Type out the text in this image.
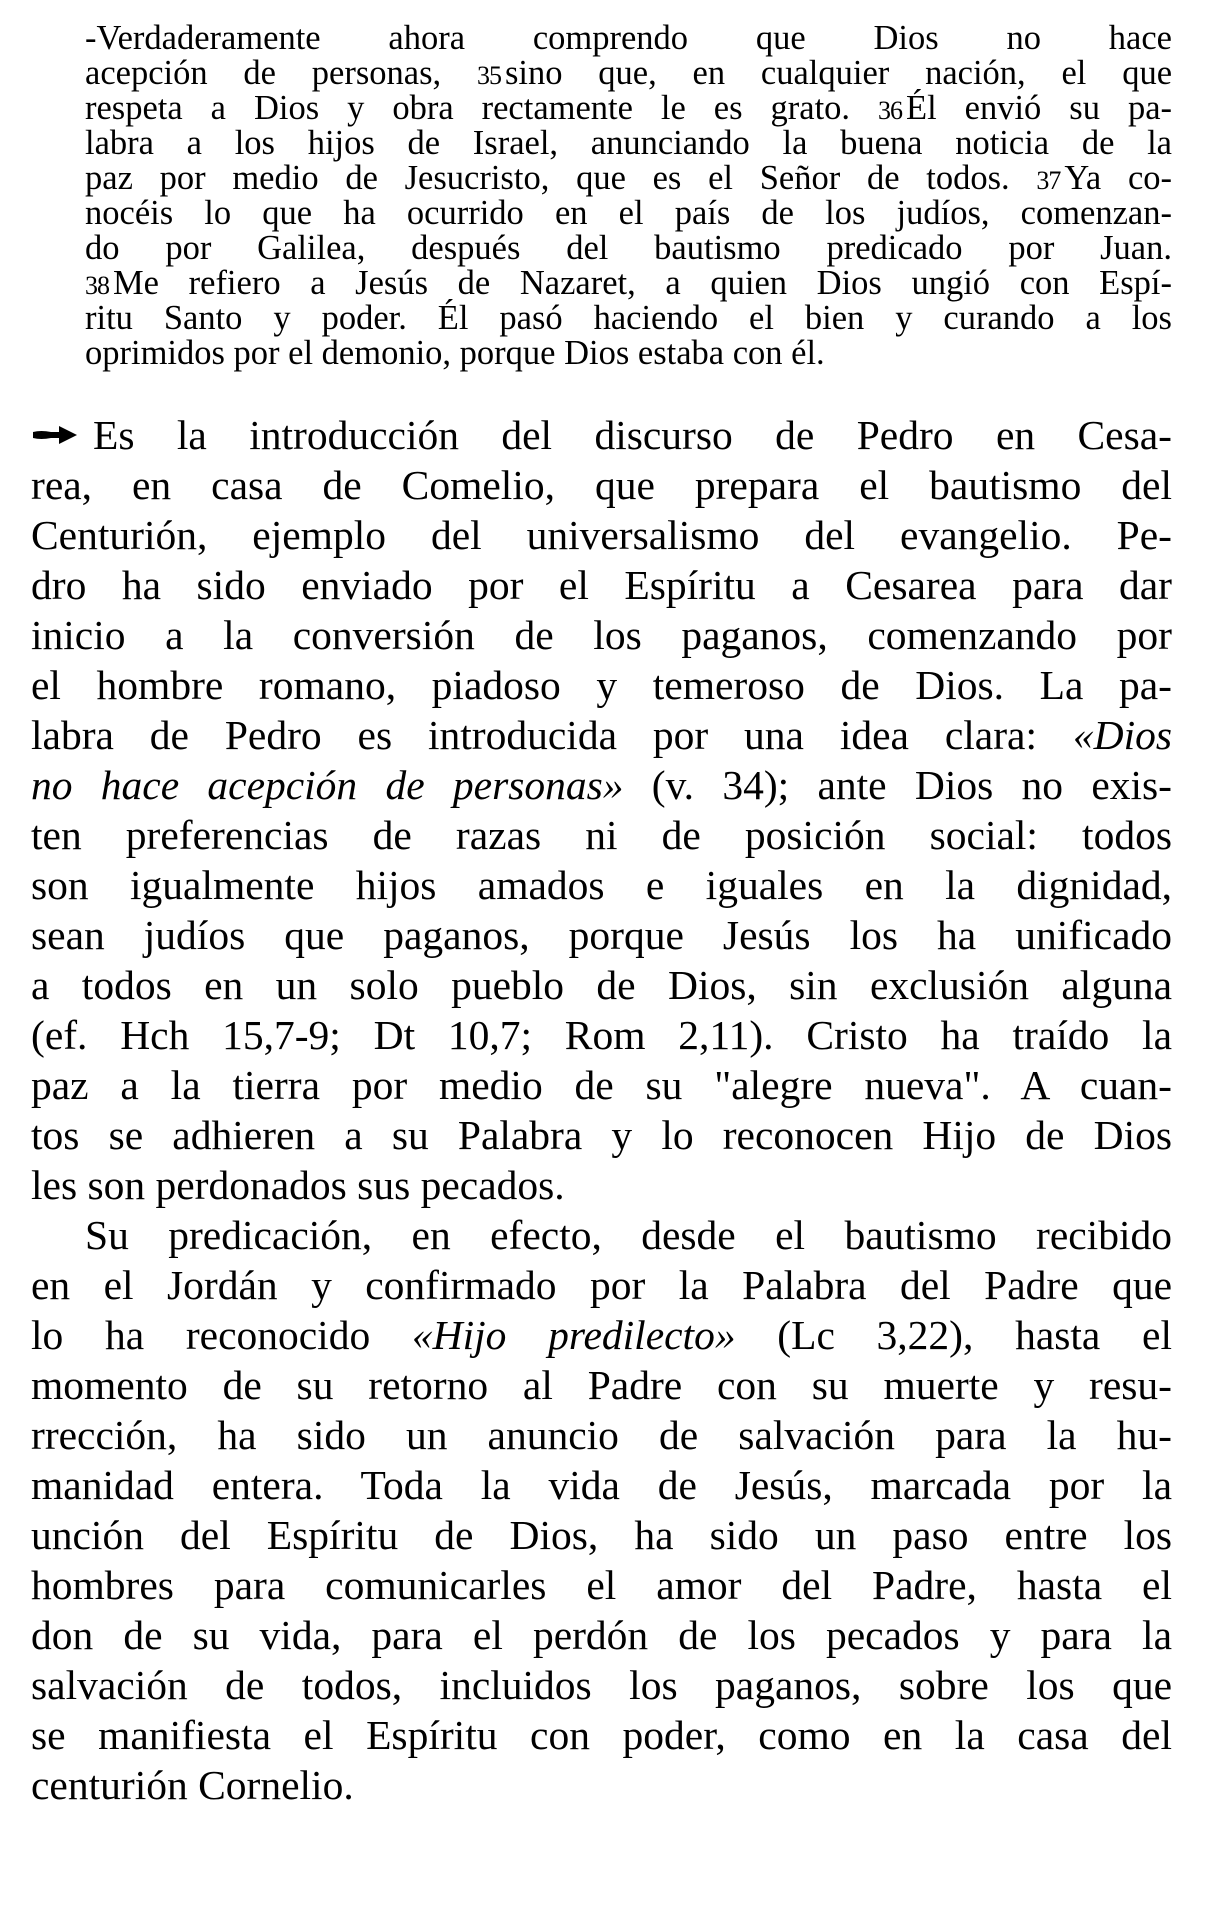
-Verdaderamente ahora comprendo que Dios no hace
acepción de personas, 35 sino que, en cualquier nación, el que
respeta a Dios y obra rectamente le es grato. 36 Él envió su pa-
labra a los hijos de Israel, anunciando la buena noticia de la
paz por medio de Jesucristo, que es el Señor de todos. 37 Ya co-
nocéis lo que ha ocurrido en el país de los judíos, comenzan-
do por Galilea, después del bautismo predicado por Juan.
38 Me refiero a Jesús de Nazaret, a quien Dios ungió con Espí-
ritu Santo y poder. Él pasó haciendo el bien y curando a los
oprimidos por el demonio, porque Dios estaba con él.
Es la introducción del discurso de Pedro en Cesa-
rea, en casa de Comelio, que prepara el bautismo del
Centurión, ejemplo del universalismo del evangelio. Pe-
dro ha sido enviado por el Espíritu a Cesarea para dar
inicio a la conversión de los paganos, comenzando por
el hombre romano, piadoso y temeroso de Dios. La pa-
labra de Pedro es introducida por una idea clara: «Dios
no hace acepción de personas» (v. 34); ante Dios no exis-
ten preferencias de razas ni de posición social: todos
son igualmente hijos amados e iguales en la dignidad,
sean judíos que paganos, porque Jesús los ha unificado
a todos en un solo pueblo de Dios, sin exclusión alguna
(ef. Hch 15,7-9; Dt 10,7; Rom 2,11). Cristo ha traído la
paz a la tierra por medio de su "alegre nueva". A cuan-
tos se adhieren a su Palabra y lo reconocen Hijo de Dios
les son perdonados sus pecados.
Su predicación, en efecto, desde el bautismo recibido
en el Jordán y confirmado por la Palabra del Padre que
lo ha reconocido «Hijo predilecto» (Lc 3,22), hasta el
momento de su retorno al Padre con su muerte y resu-
rrección, ha sido un anuncio de salvación para la hu-
manidad entera. Toda la vida de Jesús, marcada por la
unción del Espíritu de Dios, ha sido un paso entre los
hombres para comunicarles el amor del Padre, hasta el
don de su vida, para el perdón de los pecados y para la
salvación de todos, incluidos los paganos, sobre los que
se manifiesta el Espíritu con poder, como en la casa del
centurión Cornelio.
